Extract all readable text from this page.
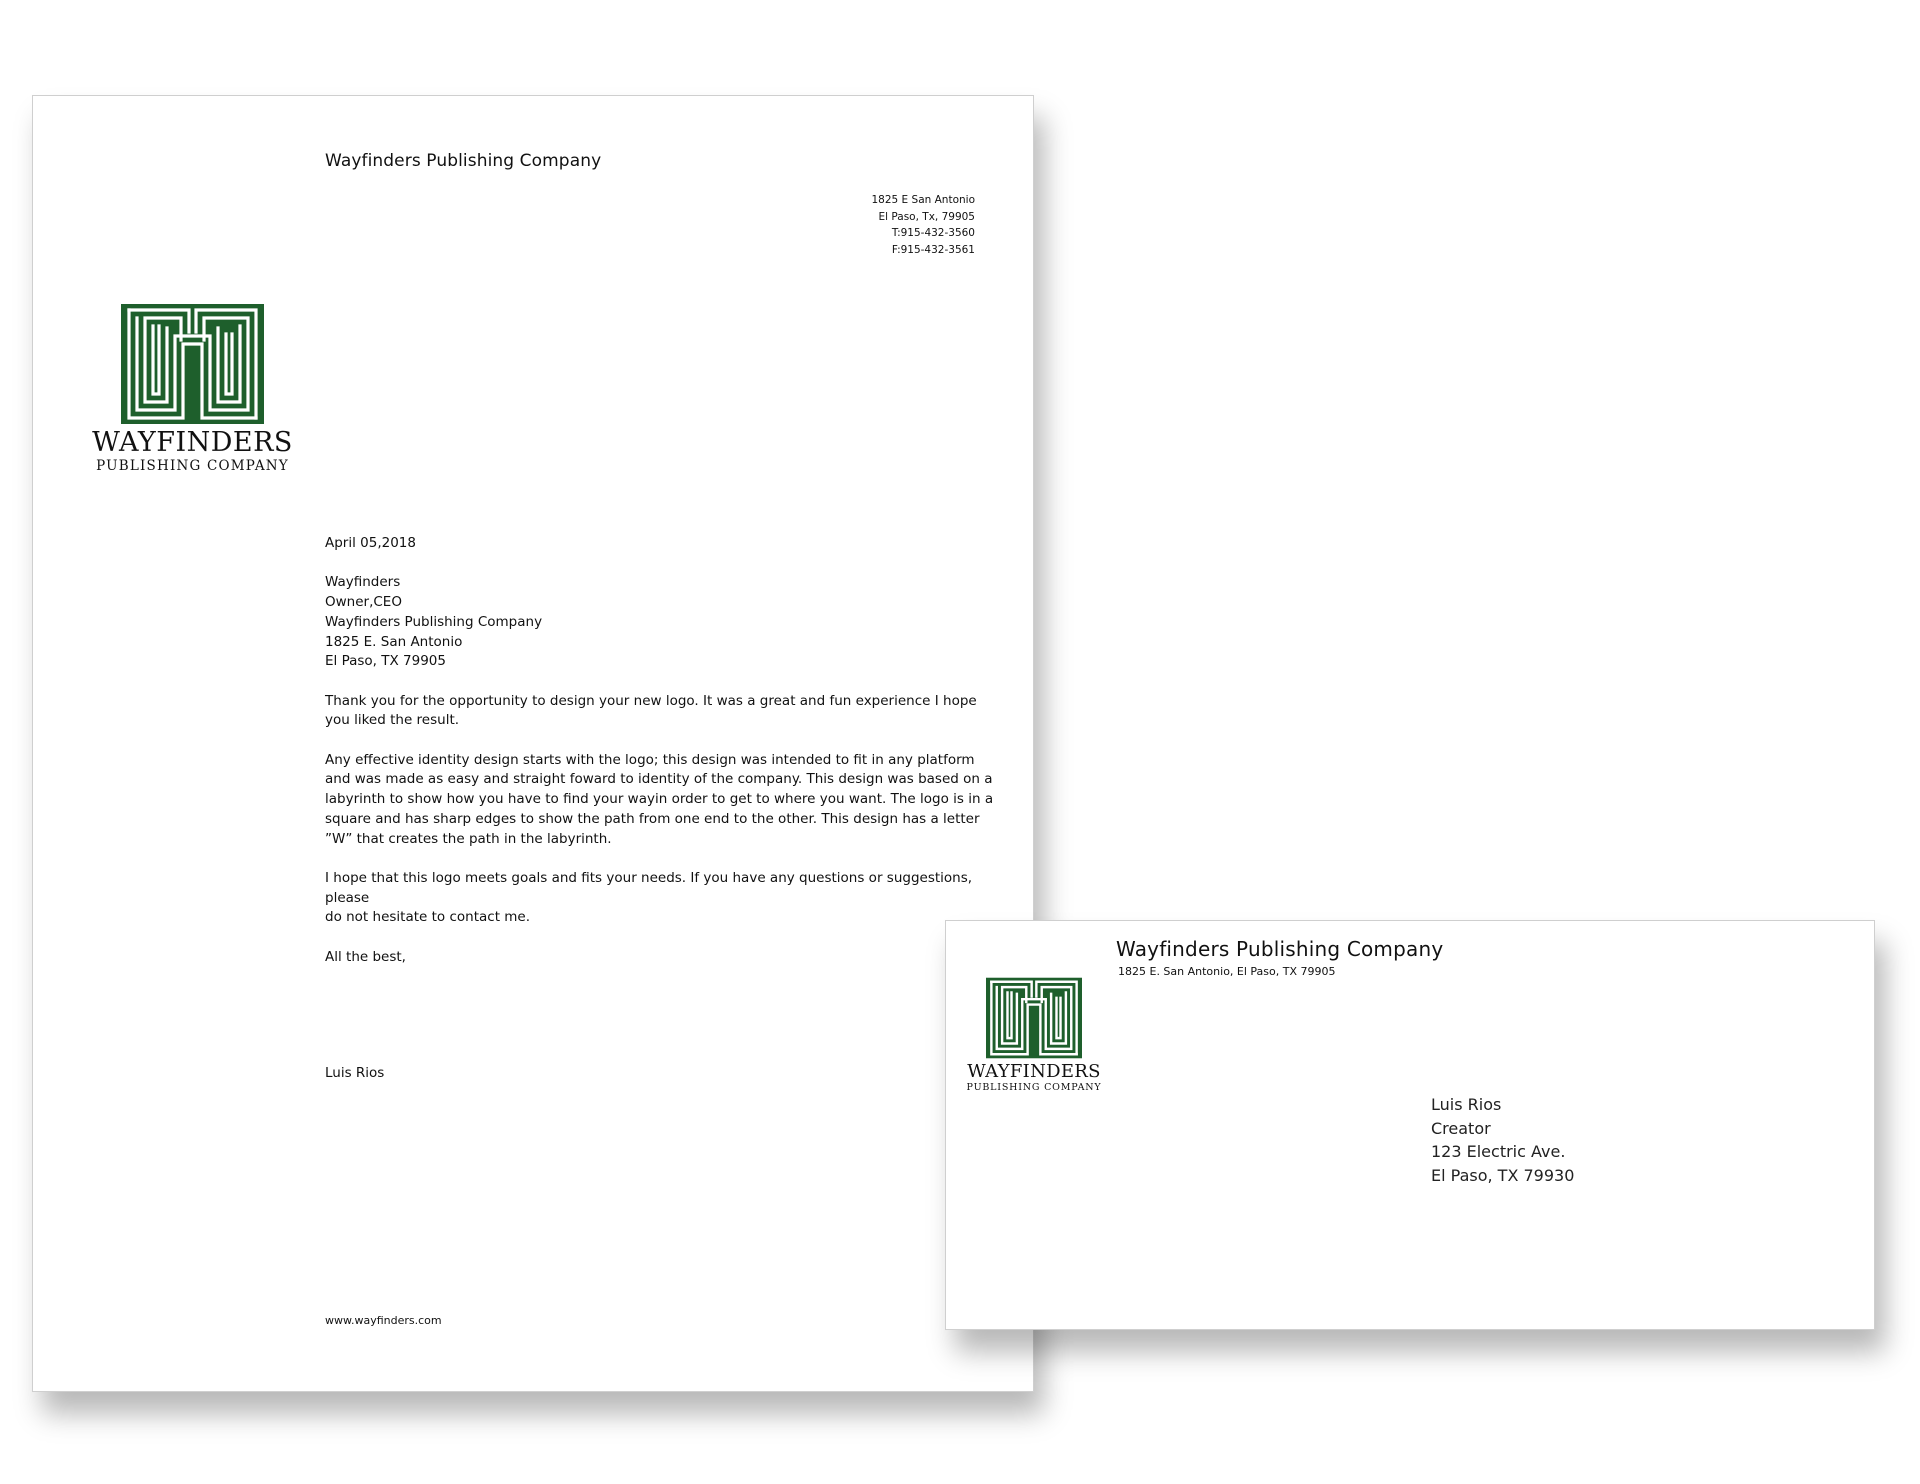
Wayfinders Publishing Company
1825 E San Antonio
El Paso, Tx, 79905
T:915-432-3560
F:915-432-3561
WAYFINDERS
PUBLISHING COMPANY

April 05,2018

Wayfinders
Owner,CEO
Wayfinders Publishing Company
1825 E. San Antonio
El Paso, TX 79905

Thank you for the opportunity to design your new logo. It was a great and fun experience I hope you liked the result.

Any effective identity design starts with the logo; this design was intended to fit in any platform and was made as easy and straight foward to identity of the company. This design was based on a labyrinth to show how you have to find your wayin order to get to where you want. The logo is in a square and has sharp edges to show the path from one end to the other. This design has a letter ”W” that creates the path in the labyrinth.

I hope that this logo meets goals and fits your needs. If you have any questions or suggestions,
please
do not hesitate to contact me.

All the best,

Luis Rios
www.wayfinders.com
Wayfinders Publishing Company
1825 E. San Antonio, El Paso, TX 79905
WAYFINDERS
PUBLISHING COMPANY
Luis Rios
Creator
123 Electric Ave.
El Paso, TX 79930
